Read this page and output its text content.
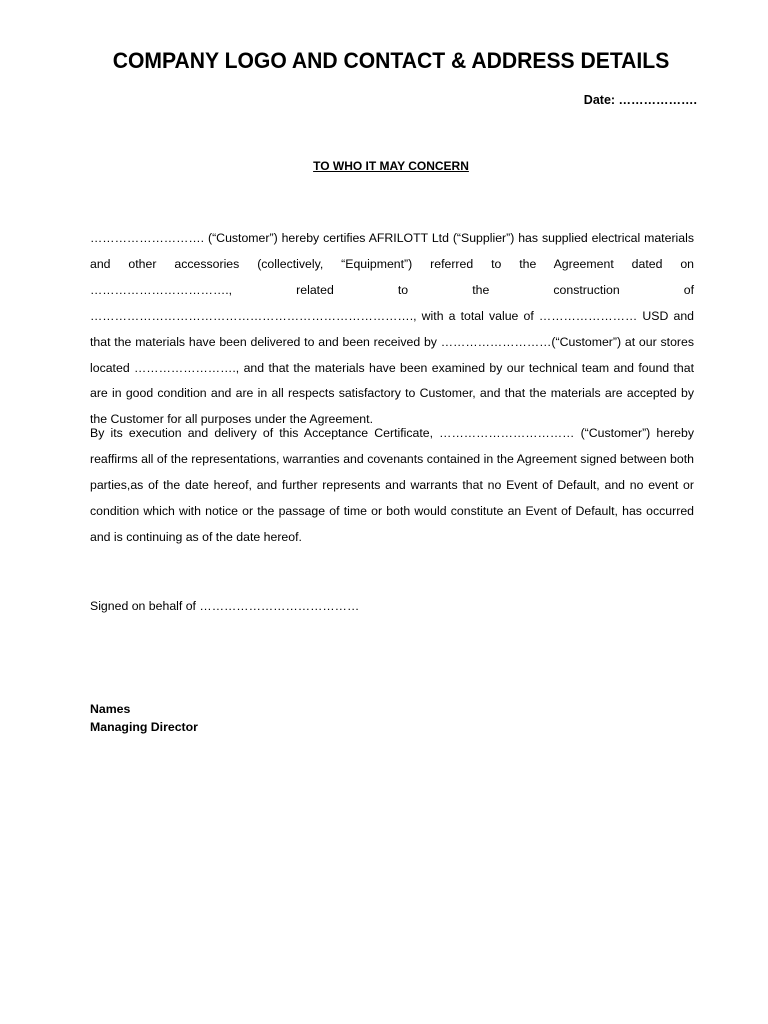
COMPANY LOGO AND CONTACT & ADDRESS DETAILS
Date: ……………….
TO WHO IT MAY CONCERN
………………………. (“Customer”) hereby certifies AFRILOTT Ltd (“Supplier”) has supplied electrical materials and other accessories (collectively, “Equipment”) referred to the Agreement dated on ……………………………., related to the construction of ……………………………………………………………………., with a total value of …………………… USD and that the materials have been delivered to and been received by ………………………(“Customer”) at our stores located ……………………., and that the materials have been examined by our technical team and found that are in good condition and are in all respects satisfactory to Customer, and that the materials are accepted by the Customer for all purposes under the Agreement.
By its execution and delivery of this Acceptance Certificate, …………………………… (“Customer”) hereby reaffirms all of the representations, warranties and covenants contained in the Agreement signed between both parties,as of the date hereof, and further represents and warrants that no Event of Default, and no event or condition which with notice or the passage of time or both would constitute an Event of Default, has occurred and is continuing as of the date hereof.
Signed on behalf of …………………………………
Names
Managing Director
